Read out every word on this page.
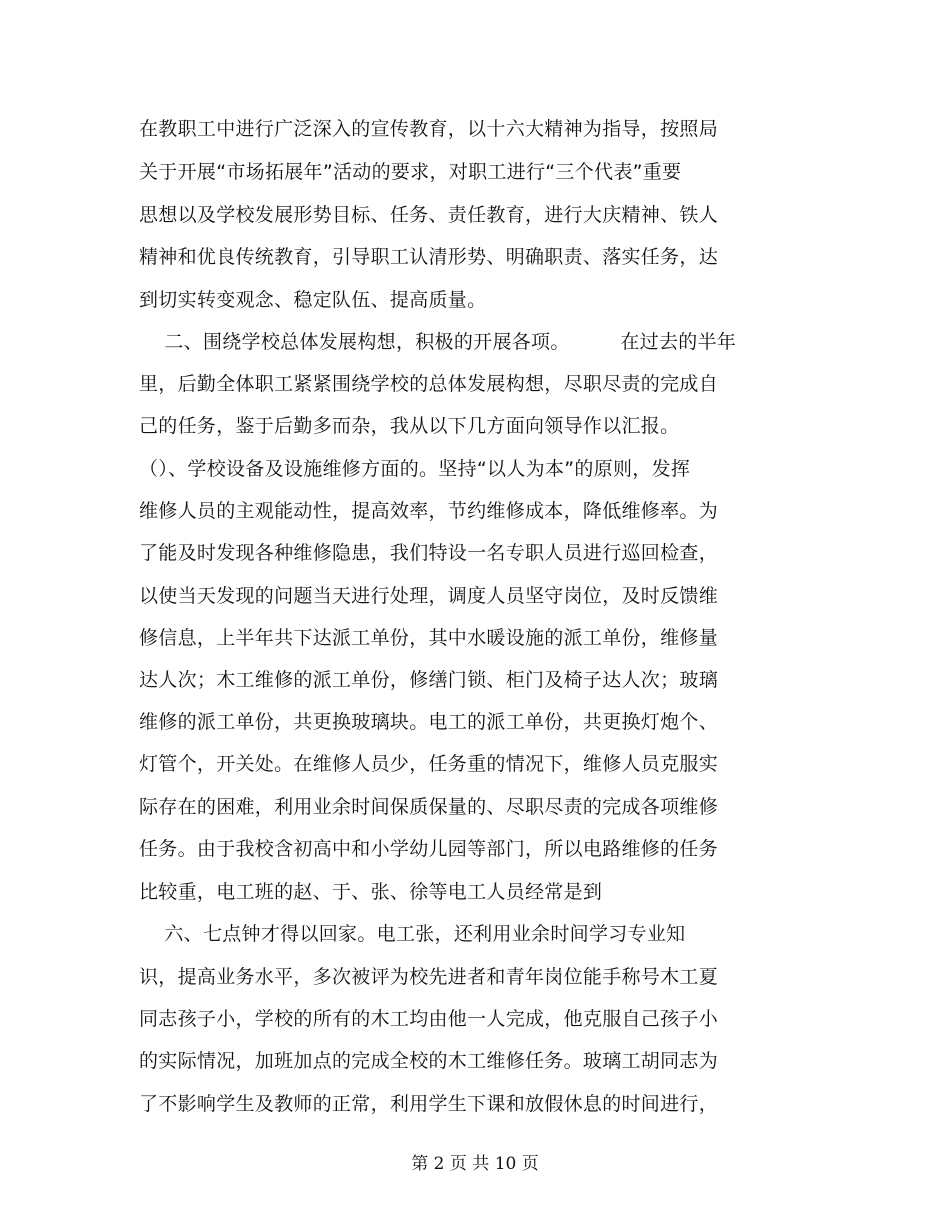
在教职工中进行广泛深入的宣传教育，以十六大精神为指导，按照局
关于开展“市场拓展年”活动的要求，对职工进行“三个代表”重要
思想以及学校发展形势目标、任务、责任教育，进行大庆精神、铁人
精神和优良传统教育，引导职工认清形势、明确职责、落实任务，达
到切实转变观念、稳定队伍、提高质量。
二、围绕学校总体发展构想，积极的开展各项。        在过去的半年
里，后勤全体职工紧紧围绕学校的总体发展构想，尽职尽责的完成自
己的任务，鉴于后勤多而杂，我从以下几方面向领导作以汇报。
（）、学校设备及设施维修方面的。坚持“以人为本”的原则，发挥
维修人员的主观能动性，提高效率，节约维修成本，降低维修率。为
了能及时发现各种维修隐患，我们特设一名专职人员进行巡回检查，
以使当天发现的问题当天进行处理，调度人员坚守岗位，及时反馈维
修信息，上半年共下达派工单份，其中水暖设施的派工单份，维修量
达人次；木工维修的派工单份，修缮门锁、柜门及椅子达人次；玻璃
维修的派工单份，共更换玻璃块。电工的派工单份，共更换灯炮个、
灯管个，开关处。在维修人员少，任务重的情况下，维修人员克服实
际存在的困难，利用业余时间保质保量的、尽职尽责的完成各项维修
任务。由于我校含初高中和小学幼儿园等部门，所以电路维修的任务
比较重，电工班的赵、于、张、徐等电工人员经常是到
六、七点钟才得以回家。电工张，还利用业余时间学习专业知
识，提高业务水平，多次被评为校先进者和青年岗位能手称号木工夏
同志孩子小，学校的所有的木工均由他一人完成，他克服自己孩子小
的实际情况，加班加点的完成全校的木工维修任务。玻璃工胡同志为
了不影响学生及教师的正常，利用学生下课和放假休息的时间进行，
第 2 页 共 10 页
